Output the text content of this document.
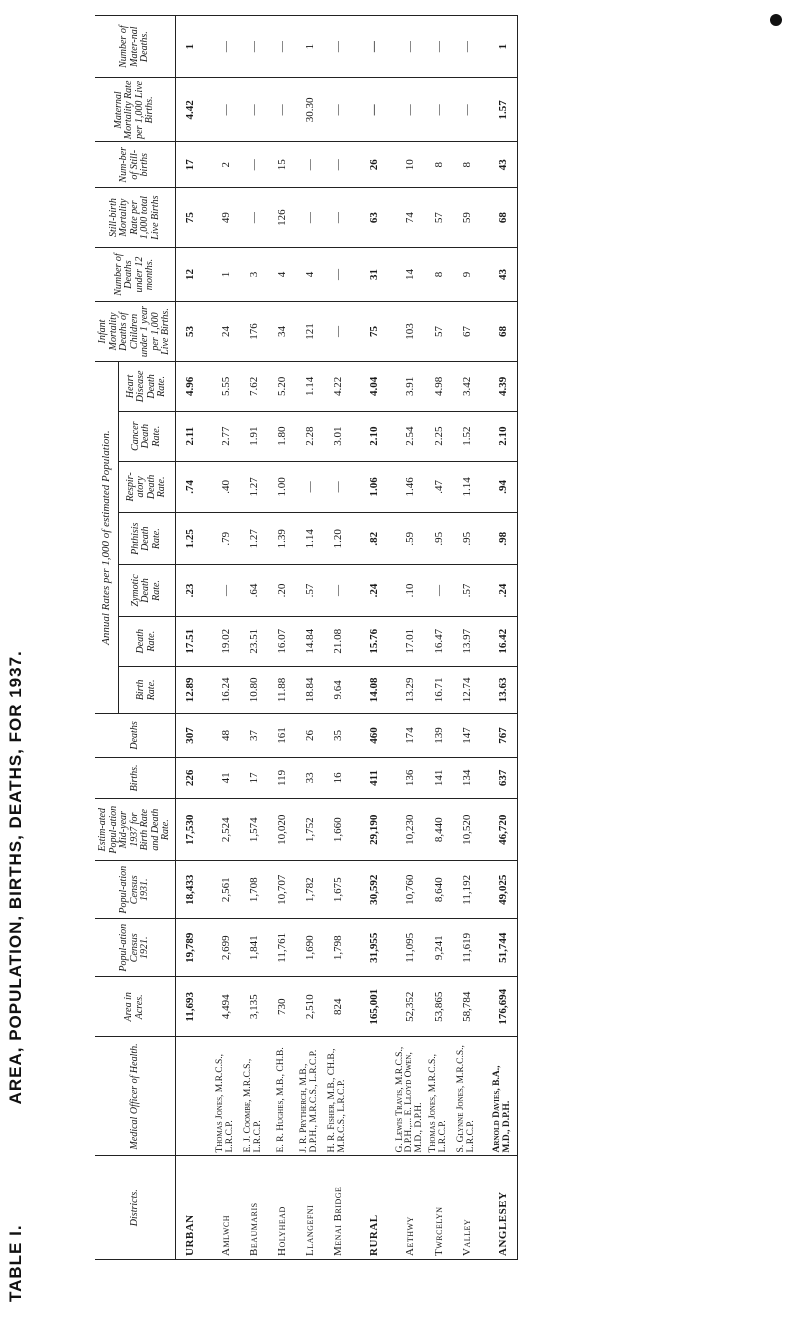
TABLE I.AREA, POPULATION, BIRTHS, DEATHS, FOR 1937.
Districts.	Medical Officer of Health.	Area in Acres.	Popul-ation Census 1921.	Popul-ation Census 1931.	Estim-ated Popul-ation Mid-year 1937 for Birth Rate and Death Rate.	Births.	Deaths	Annual Rates per 1,000 of estimated Population.							Infant Mortality Deaths of Children under 1 year per 1,000 Live Births.	Number of Deaths under 12 months.	Still-birth Mortality Rate per 1,000 total Live Births	Num-ber of Still-births	Maternal Mortality Rate per 1,000 Live Births.	Number of Mater-nal Deaths.
								Birth Rate.	Death Rate.	Zymotic Death Rate.	Phthisis Death Rate.	Respir-atory Death Rate.	Cancer Death Rate.	Heart Disease Death Rate.						
URBAN		11,693	19,789	18,433	17,530	226	307	12.89	17.51	.23	1.25	.74	2.11	4.96	53	12	75	17	4.42	1

Amlwch	Thomas Jones, M.R.C.S., L.R.C.P.	4,494	2,699	2,561	2,524	41	48	16.24	19.02	—	.79	.40	2.77	5.55	24	1	49	2	—	—
Beaumaris	E. J. Coombe, M.R.C.S., L.R.C.P.	3,135	1,841	1,708	1,574	17	37	10.80	23.51	.64	1.27	1.27	1.91	7.62	176	3	—	—	—	—
Holyhead	E. R. Hughes, M.B., CH.B.	730	11,761	10,707	10,020	119	161	11.88	16.07	.20	1.39	1.00	1.80	5.20	34	4	126	15	—	—
Llangefni	J. R. Prytherch, M.B., D.P.H., M.R.C.S., L.R.C.P.	2,510	1,690	1,782	1,752	33	26	18.84	14.84	.57	1.14	—	2.28	1.14	121	4	—	—	30.30	1
Menai Bridge	H. R. Fisher, M.B., CH.B., M.R.C.S., L.R.C.P.	824	1,798	1,675	1,660	16	35	9.64	21.08	—	1.20	—	3.01	4.22	—	—	—	—	—	—

RURAL		165,001	31,955	30,592	29,190	411	460	14.08	15.76	.24	.82	1.06	2.10	4.04	75	31	63	26	—	—

Aethwy	G. Lewis Travis, M.R.C.S., D.P.H.,... E. Lloyd Owen, M.D., D.P.H.	52,352	11,095	10,760	10,230	136	174	13.29	17.01	.10	.59	1.46	2.54	3.91	103	14	74	10	—	—
Twrcelyn	Thomas Jones, M.R.C.S., L.R.C.P.	53,865	9,241	8,640	8,440	141	139	16.71	16.47	—	.95	.47	2.25	4.98	57	8	57	8	—	—
Valley	S. Glynne Jones, M.R.C.S., L.R.C.P.	58,784	11,619	11,192	10,520	134	147	12.74	13.97	.57	.95	1.14	1.52	3.42	67	9	59	8	—	—

ANGLESEY	Arnold Davies, B.A., M.D., D.P.H.	176,694	51,744	49,025	46,720	637	767	13.63	16.42	.24	.98	.94	2.10	4.39	68	43	68	43	1.57	1
